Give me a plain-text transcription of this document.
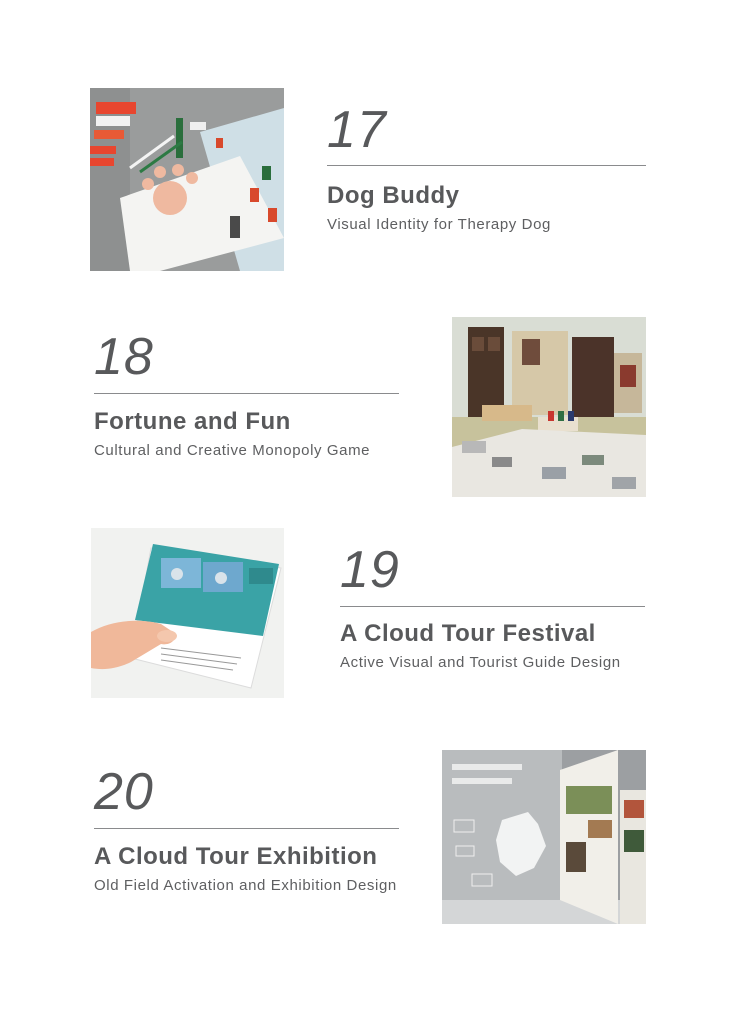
17
Dog Buddy
Visual Identity for Therapy Dog
18
Fortune and Fun
Cultural and Creative Monopoly Game
19
A Cloud Tour Festival
Active Visual and Tourist Guide Design
20
A Cloud Tour Exhibition
Old Field Activation and Exhibition Design
